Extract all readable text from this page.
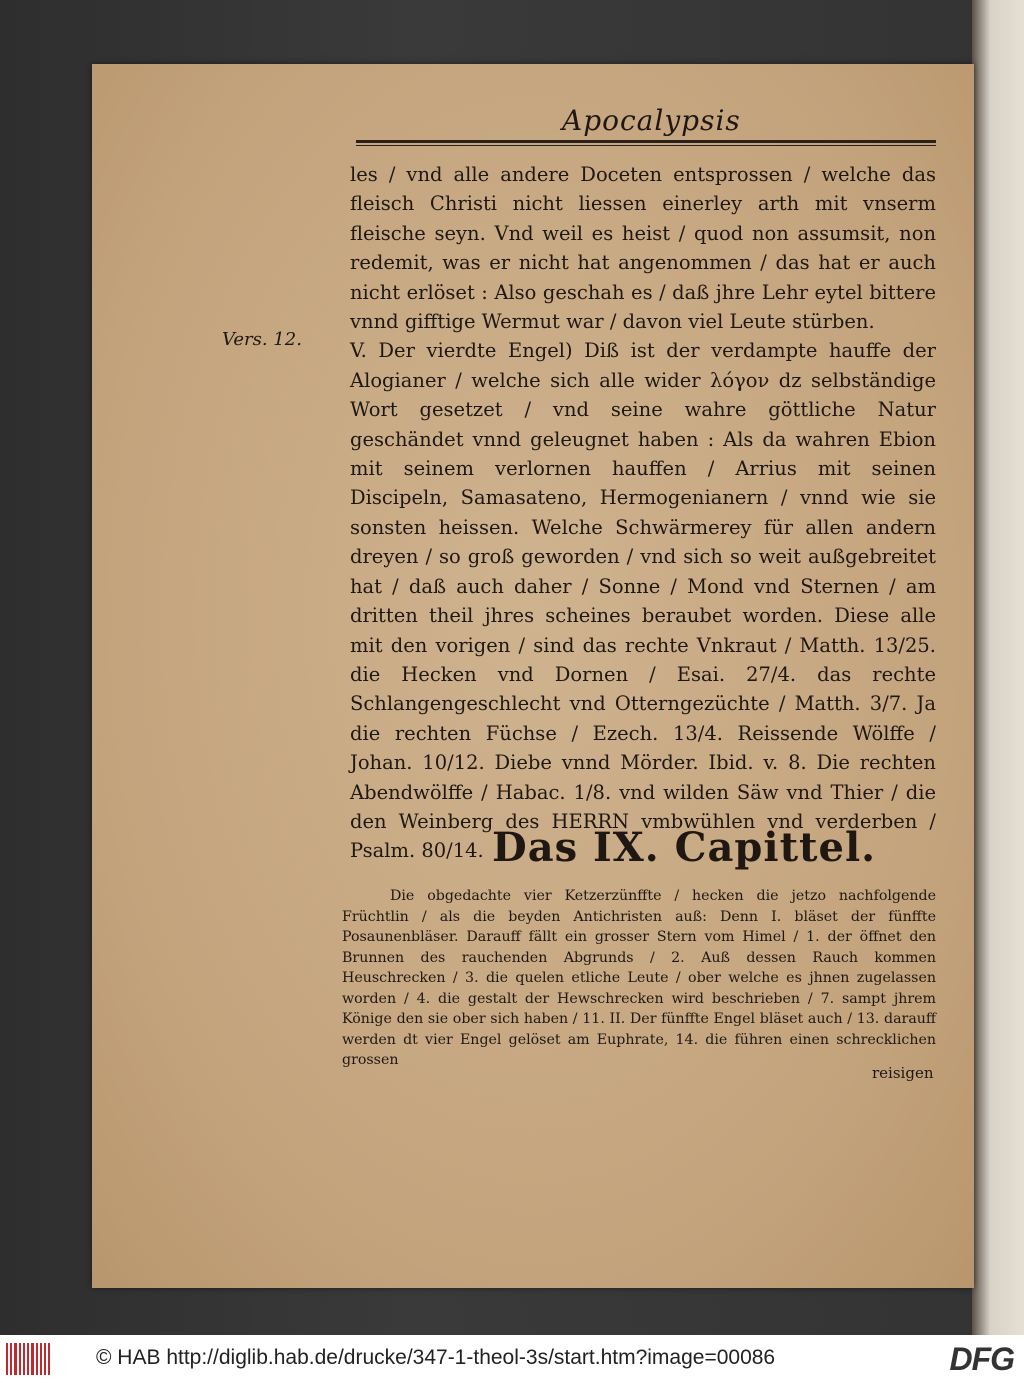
Apocalypsis
Vers. 12.

les / vnd alle andere Doceten entsprossen / welche das fleisch Christi nicht liessen einerley arth mit vnserm fleische seyn. Vnd weil es heist / quod non assumsit, non redemit, was er nicht hat angenommen / das hat er auch nicht erlöset : Also geschah es / daß jhre Lehr eytel bittere vnnd gifftige Wermut war / davon viel Leute stürben.

V. Der vierdte Engel) Diß ist der verdampte hauffe der Alogianer / welche sich alle wider λόγον dz selbständige Wort gesetzet / vnd seine wahre göttliche Natur geschändet vnnd geleugnet haben : Als da wahren Ebion mit seinem verlornen hauffen / Arrius mit seinen Discipeln, Samasateno, Hermogenianern / vnnd wie sie sonsten heissen. Welche Schwärmerey für allen andern dreyen / so groß geworden / vnd sich so weit außgebreitet hat / daß auch daher / Sonne / Mond vnd Sternen / am dritten theil jhres scheines beraubet worden. Diese alle mit den vorigen / sind das rechte Vnkraut / Matth. 13/25. die Hecken vnd Dornen / Esai. 27/4. das rechte Schlangengeschlecht vnd Otterngezüchte / Matth. 3/7. Ja die rechten Füchse / Ezech. 13/4. Reissende Wölffe / Johan. 10/12. Diebe vnnd Mörder. Ibid. v. 8. Die rechten Abendwölffe / Habac. 1/8. vnd wilden Säw vnd Thier / die den Weinberg des HERRN vmbwühlen vnd verderben / Psalm. 80/14. Das IX. Capittel.

Die obgedachte vier Ketzerzünffte / hecken die jetzo nachfolgende Früchtlin / als die beyden Antichristen auß: Denn I. bläset der fünffte Posaunenbläser. Darauff fällt ein grosser Stern vom Himel / 1. der öffnet den Brunnen des rauchenden Abgrunds / 2. Auß dessen Rauch kommen Heuschrecken / 3. die quelen etliche Leute / ober welche es jhnen zugelassen worden / 4. die gestalt der Hewschrecken wird beschrieben / 7. sampt jhrem Könige den sie ober sich haben / 11. II. Der fünffte Engel bläset auch / 13. darauff werden dt vier Engel gelöset am Euphrate, 14. die führen einen schrecklichen grossen

reisigen
© HAB http://diglib.hab.de/drucke/347-1-theol-3s/start.htm?image=00086	DFG
